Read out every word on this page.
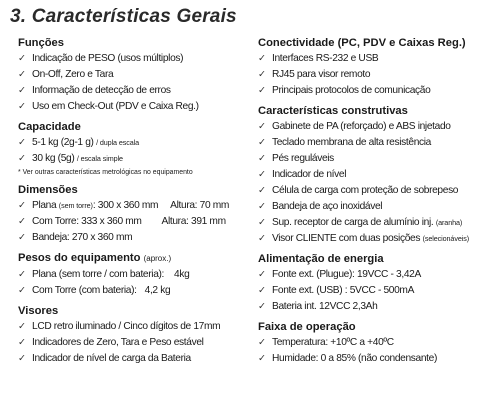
3. Características Gerais
Funções
✓ Indicação de PESO (usos múltiplos)
✓ On-Off, Zero e Tara
✓ Informação de detecção de erros
✓ Uso em Check-Out (PDV e Caixa Reg.)
Capacidade
✓ 5-1 kg (2g-1 g) / dupla escala
✓ 30 kg (5g) / escala simple
* Ver outras características metrológicas no equipamento
Dimensões
✓ Plana (sem torre): 300 x 360 mm Altura: 70 mm
✓ Com Torre: 333 x 360 mm Altura: 391 mm
✓ Bandeja: 270 x 360 mm
Pesos do equipamento (aprox.)
✓ Plana (sem torre / com bateria): 4kg
✓ Com Torre (com bateria): 4,2 kg
Visores
✓ LCD retro iluminado / Cinco dígitos de 17mm
✓ Indicadores de Zero, Tara e Peso estável
✓ Indicador de nível de carga da Bateria
Conectividade (PC, PDV e Caixas Reg.)
✓ Interfaces RS-232 e USB
✓ RJ45 para visor remoto
✓ Principais protocolos de comunicação
Características construtivas
✓ Gabinete de PA (reforçado) e ABS injetado
✓ Teclado membrana de alta resistência
✓ Pés reguláveis
✓ Indicador de nível
✓ Célula de carga com proteção de sobrepeso
✓ Bandeja de aço inoxidável
✓ Sup. receptor de carga de alumínio inj. (aranha)
✓ Visor CLIENTE com duas posições (selecionáveis)
Alimentação de energia
✓ Fonte ext. (Plugue): 19VCC - 3,42A
✓ Fonte ext. (USB) : 5VCC - 500mA
✓ Bateria int. 12VCC 2,3Ah
Faixa de operação
✓ Temperatura: +10ºC a +40ºC
✓ Humidade: 0 a 85% (não condensante)
